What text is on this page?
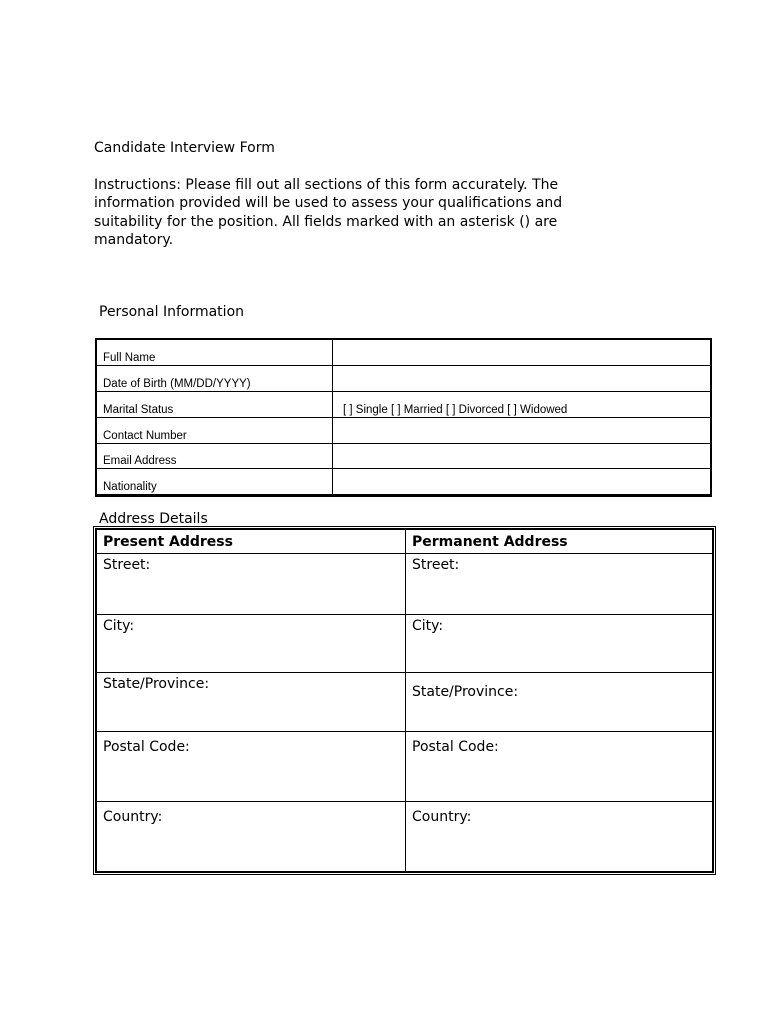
Candidate Interview Form

Instructions: Please fill out all sections of this form accurately. The information provided will be used to assess your qualifications and suitability for the position. All fields marked with an asterisk () are mandatory.

Personal Information
Full Name	
Date of Birth (MM/DD/YYYY)	
Marital Status	[ ] Single [ ] Married [ ] Divorced [ ] Widowed
Contact Number	
Email Address	
Nationality	
Address Details
Present Address	Permanent Address
Street:	Street:
City:	City:
State/Province:	State/Province:
Postal Code:	Postal Code:
Country:	Country:
